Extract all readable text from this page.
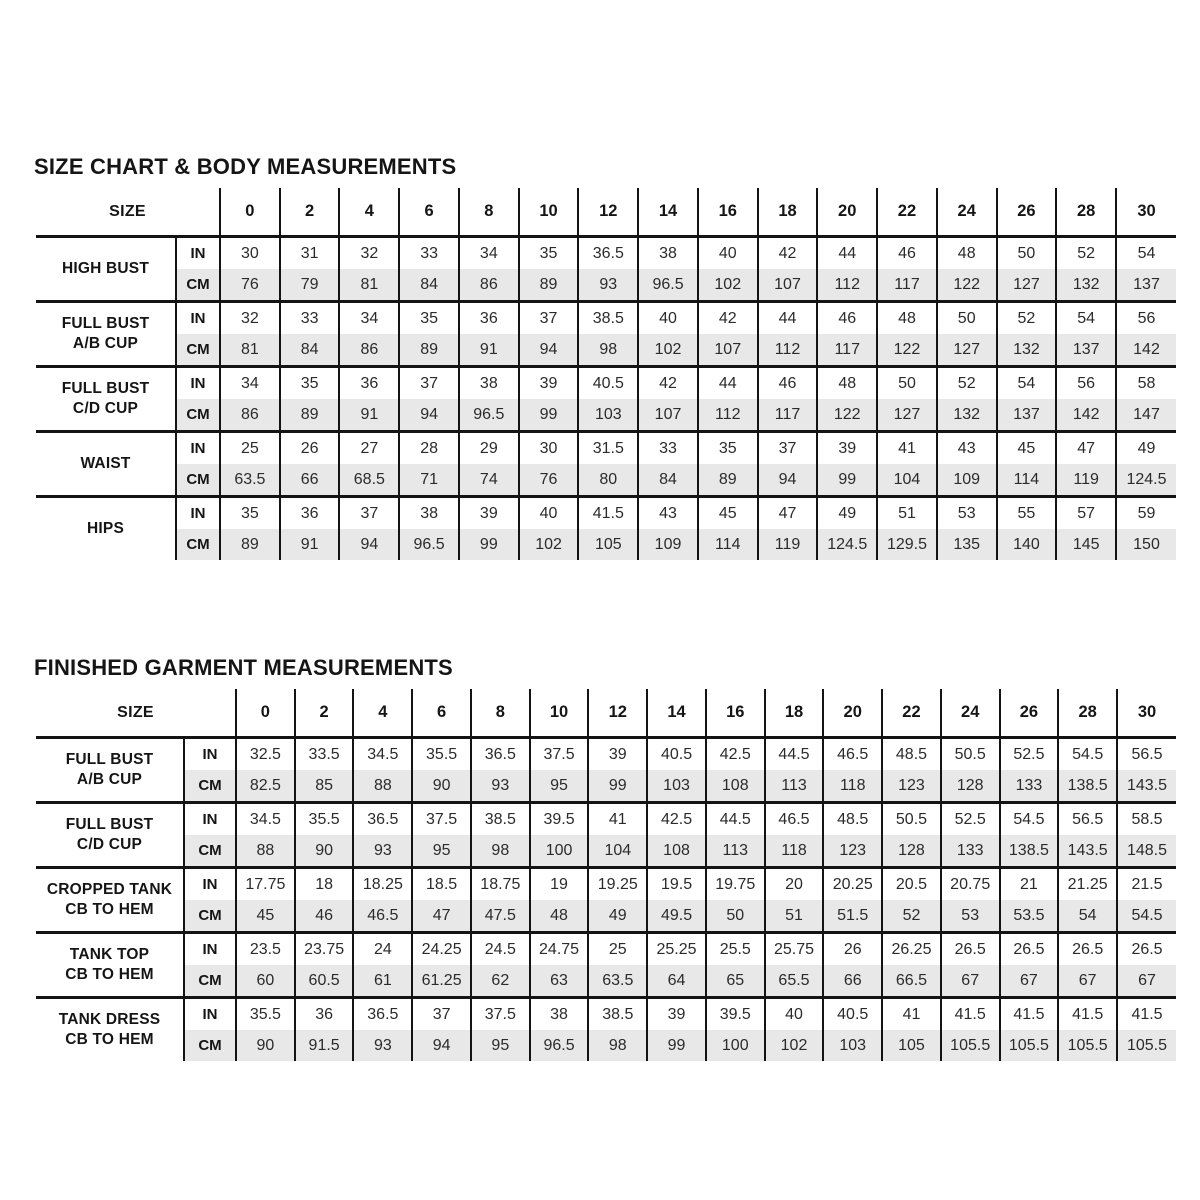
SIZE CHART & BODY MEASUREMENTS
SIZE		0	2	4	6	8	10	12	14	16	18	20	22	24	26	28	30
HIGH BUST	IN	30	31	32	33	34	35	36.5	38	40	42	44	46	48	50	52	54
	CM	76	79	81	84	86	89	93	96.5	102	107	112	117	122	127	132	137
FULL BUST
A/B CUP	IN	32	33	34	35	36	37	38.5	40	42	44	46	48	50	52	54	56
	CM	81	84	86	89	91	94	98	102	107	112	117	122	127	132	137	142
FULL BUST
C/D CUP	IN	34	35	36	37	38	39	40.5	42	44	46	48	50	52	54	56	58
	CM	86	89	91	94	96.5	99	103	107	112	117	122	127	132	137	142	147
WAIST	IN	25	26	27	28	29	30	31.5	33	35	37	39	41	43	45	47	49
	CM	63.5	66	68.5	71	74	76	80	84	89	94	99	104	109	114	119	124.5
HIPS	IN	35	36	37	38	39	40	41.5	43	45	47	49	51	53	55	57	59
	CM	89	91	94	96.5	99	102	105	109	114	119	124.5	129.5	135	140	145	150
FINISHED GARMENT MEASUREMENTS
SIZE		0	2	4	6	8	10	12	14	16	18	20	22	24	26	28	30
FULL BUST
A/B CUP	IN	32.5	33.5	34.5	35.5	36.5	37.5	39	40.5	42.5	44.5	46.5	48.5	50.5	52.5	54.5	56.5
	CM	82.5	85	88	90	93	95	99	103	108	113	118	123	128	133	138.5	143.5
FULL BUST
C/D CUP	IN	34.5	35.5	36.5	37.5	38.5	39.5	41	42.5	44.5	46.5	48.5	50.5	52.5	54.5	56.5	58.5
	CM	88	90	93	95	98	100	104	108	113	118	123	128	133	138.5	143.5	148.5
CROPPED TANK
CB TO HEM	IN	17.75	18	18.25	18.5	18.75	19	19.25	19.5	19.75	20	20.25	20.5	20.75	21	21.25	21.5
	CM	45	46	46.5	47	47.5	48	49	49.5	50	51	51.5	52	53	53.5	54	54.5
TANK TOP
CB TO HEM	IN	23.5	23.75	24	24.25	24.5	24.75	25	25.25	25.5	25.75	26	26.25	26.5	26.5	26.5	26.5
	CM	60	60.5	61	61.25	62	63	63.5	64	65	65.5	66	66.5	67	67	67	67
TANK DRESS
CB TO HEM	IN	35.5	36	36.5	37	37.5	38	38.5	39	39.5	40	40.5	41	41.5	41.5	41.5	41.5
	CM	90	91.5	93	94	95	96.5	98	99	100	102	103	105	105.5	105.5	105.5	105.5
